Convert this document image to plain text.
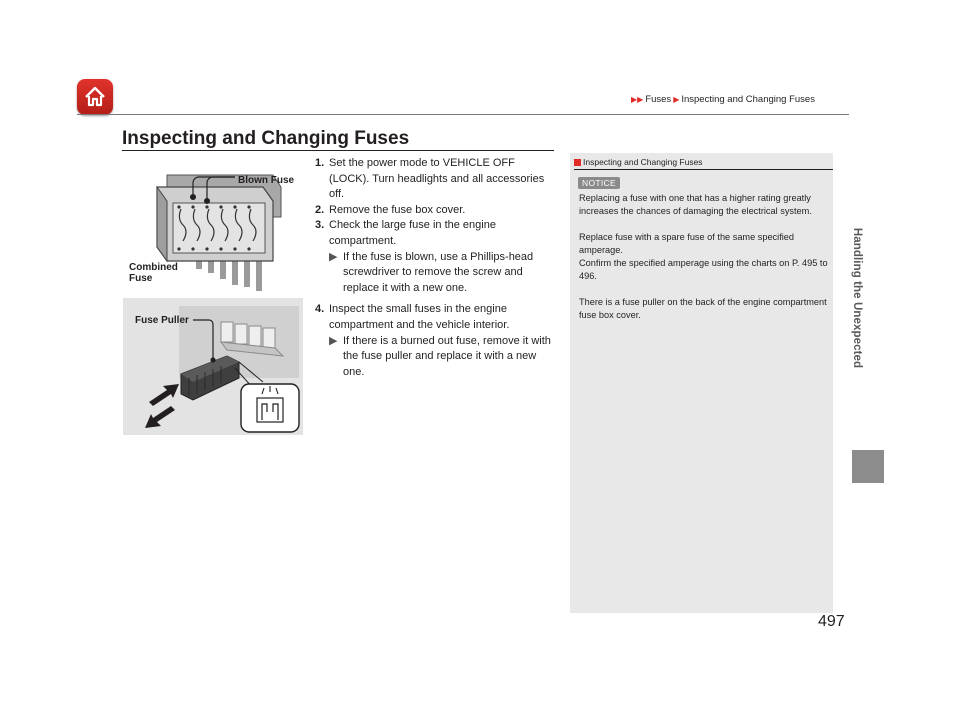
▶▶ Fuses ▶ Inspecting and Changing Fuses
Handling the Unexpected
Inspecting and Changing Fuses
Blown Fuse
Combined
Fuse
Fuse Puller
1. Set the power mode to VEHICLE OFF (LOCK). Turn headlights and all accessories off.
2. Remove the fuse box cover.
3. Check the large fuse in the engine compartment.
▶ If the fuse is blown, use a Phillips-head screwdriver to remove the screw and replace it with a new one.
4. Inspect the small fuses in the engine compartment and the vehicle interior.
▶ If there is a burned out fuse, remove it with the fuse puller and replace it with a new one.
Inspecting and Changing Fuses
NOTICE

Replacing a fuse with one that has a higher rating greatly increases the chances of damaging the electrical system.

Replace fuse with a spare fuse of the same specified amperage.
Confirm the specified amperage using the charts on P. 495 to 496.

There is a fuse puller on the back of the engine compartment fuse box cover.

497
